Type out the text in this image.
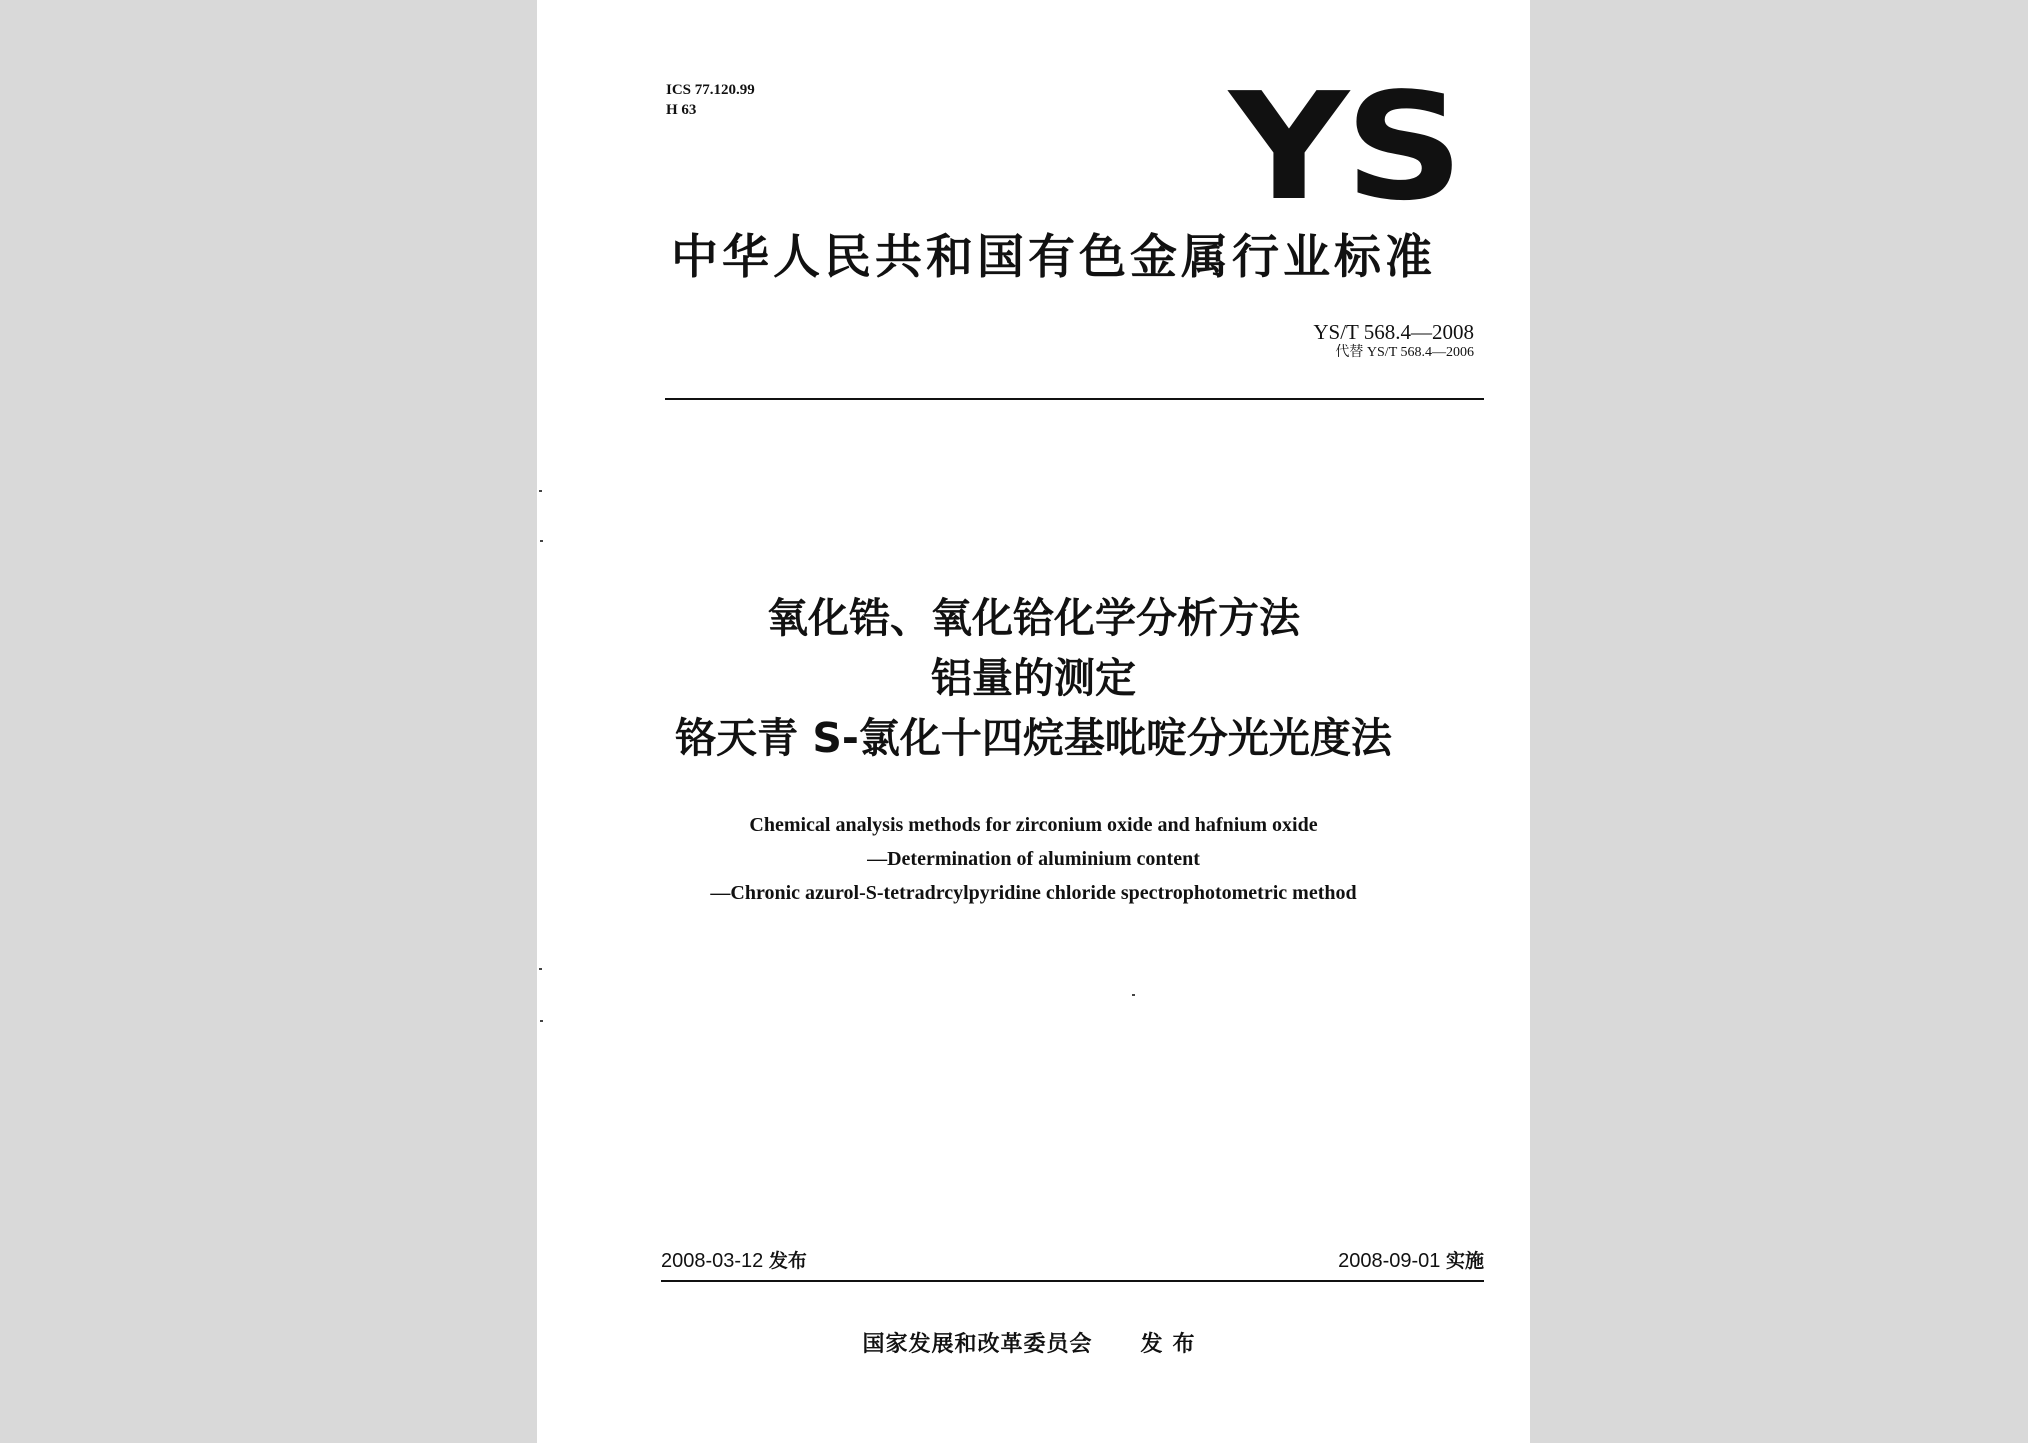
ICS 77.120.99
H 63	YS
中华人民共和国有色金属行业标准
YS/T 568.4—2008
代替 YS/T 568.4—2006
氧化锆、氧化铪化学分析方法
铝量的测定
铬天青 S-氯化十四烷基吡啶分光光度法
Chemical analysis methods for zirconium oxide and hafnium oxide
—Determination of aluminium content
—Chronic azurol-S-tetradrcylpyridine chloride spectrophotometric method
2008-03-12 发布	2008-09-01 实施
国家发展和改革委员会 发布
